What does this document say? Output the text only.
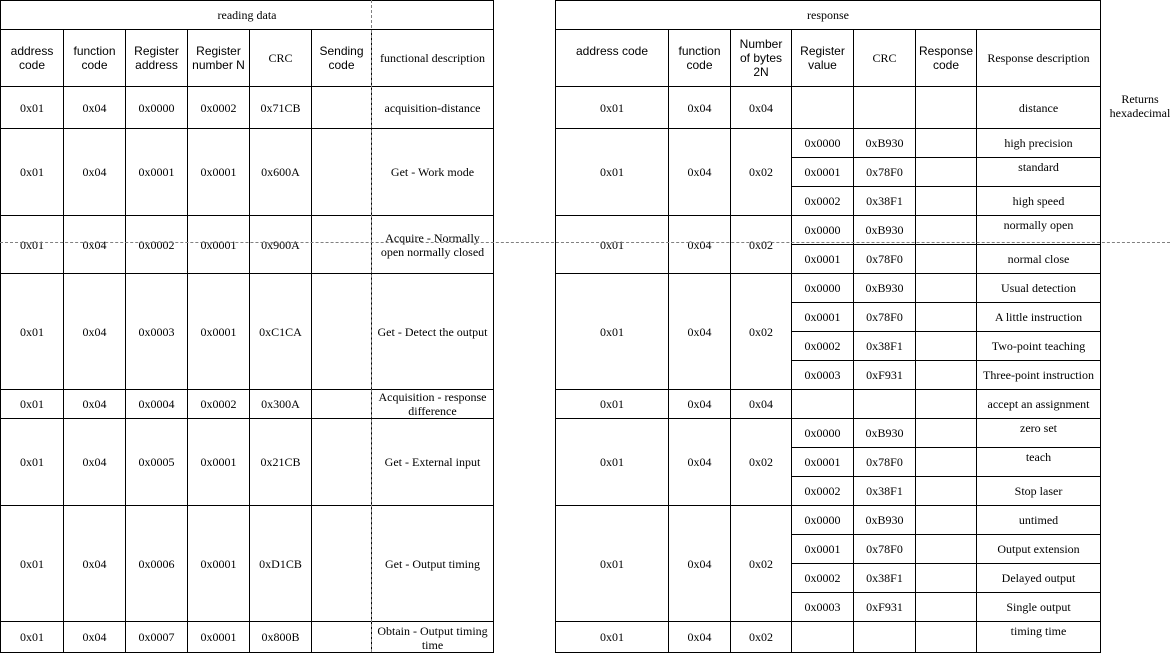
reading data						
address code	function code	Register address	Register number N	CRC	Sending code	functional description
0x01	0x04	0x0000	0x0002	0x71CB		acquisition-distance
0x01	0x04	0x0001	0x0001	0x600A		Get - Work mode
0x01	0x04	0x0002	0x0001	0x900A		Acquire - Normally open normally closed
0x01	0x04	0x0003	0x0001	0xC1CA		Get - Detect the output
0x01	0x04	0x0004	0x0002	0x300A		Acquisition - response difference
0x01	0x04	0x0005	0x0001	0x21CB		Get - External input
0x01	0x04	0x0006	0x0001	0xD1CB		Get - Output timing
0x01	0x04	0x0007	0x0001	0x800B		Obtain - Output timing time
response						
address code	function code	Number of bytes 2N	Register value	CRC	Response code	Response description
0x01	0x04	0x04				distance
0x01	0x04	0x02	0x0000	0xB930		high precision
			0x0001	0x78F0		standard
			0x0002	0x38F1		high speed
0x01	0x04	0x02	0x0000	0xB930		normally open
			0x0001	0x78F0		normal close
0x01	0x04	0x02	0x0000	0xB930		Usual detection
			0x0001	0x78F0		A little instruction
			0x0002	0x38F1		Two-point teaching
			0x0003	0xF931		Three-point instruction
0x01	0x04	0x04				accept an assignment
0x01	0x04	0x02	0x0000	0xB930		zero set
			0x0001	0x78F0		teach
			0x0002	0x38F1		Stop laser
0x01	0x04	0x02	0x0000	0xB930		untimed
			0x0001	0x78F0		Output extension
			0x0002	0x38F1		Delayed output
			0x0003	0xF931		Single output
0x01	0x04	0x02				timing time
Returns hexadecimal
